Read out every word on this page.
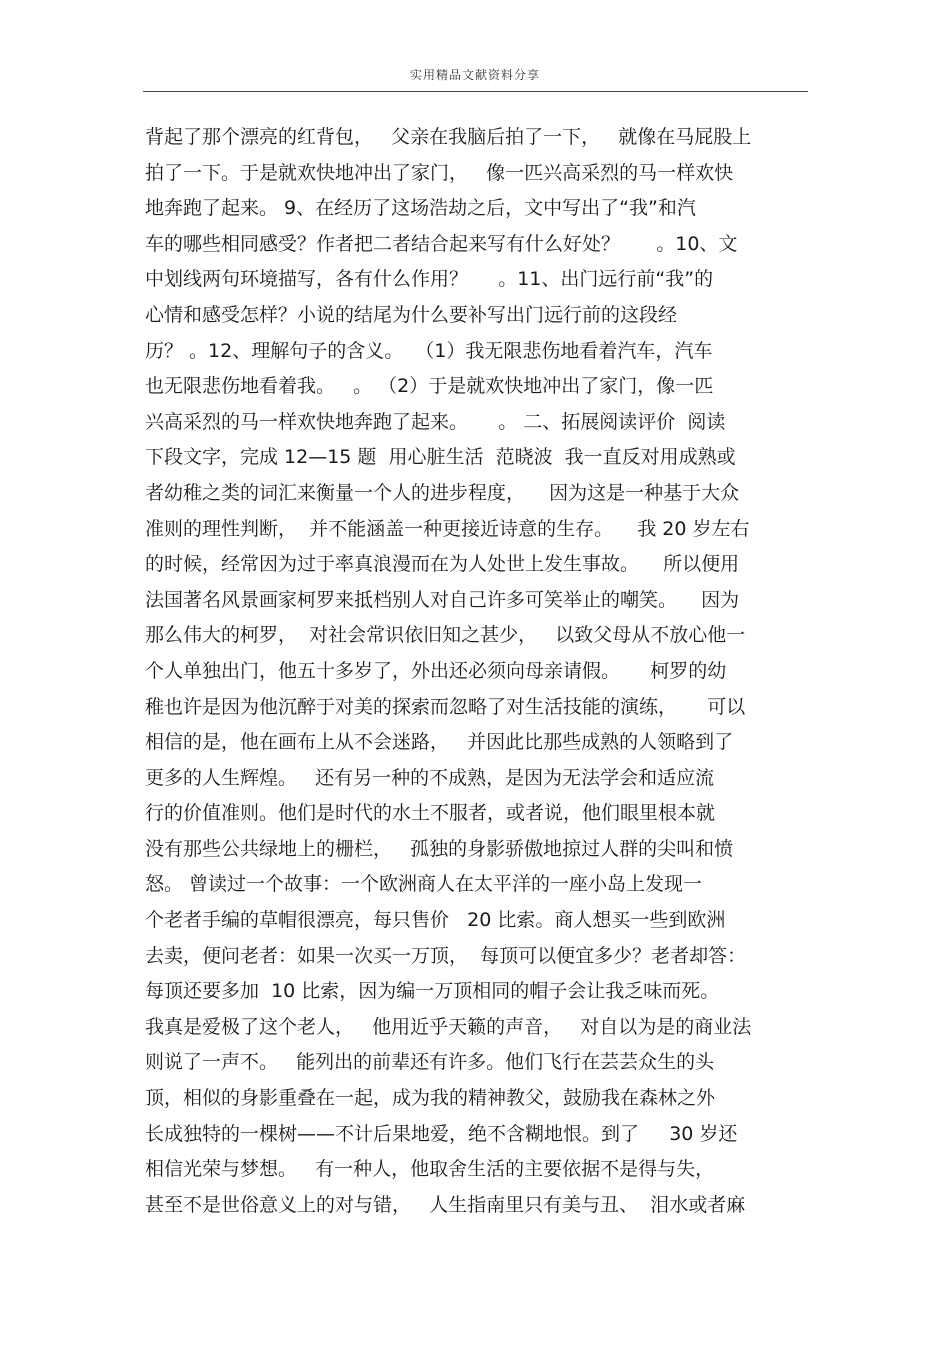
实用精品文献资料分享
背起了那个漂亮的红背包，   父亲在我脑后拍了一下，   就像在马屁股上
拍了一下。于是就欢快地冲出了家门，   像一匹兴高采烈的马一样欢快
地奔跑了起来。 9、在经历了这场浩劫之后，文中写出了“我”和汽
车的哪些相同感受？作者把二者结合起来写有什么好处？      。10、文
中划线两句环境描写，各有什么作用？     。11、出门远行前“我”的
心情和感受怎样？小说的结尾为什么要补写出门远行前的这段经
历？ 。12、理解句子的含义。  （1）我无限悲伤地看着汽车，汽车
也无限悲伤地看着我。   。 （2）于是就欢快地冲出了家门，像一匹
兴高采烈的马一样欢快地奔跑了起来。     。 二、拓展阅读评价  阅读
下段文字，完成 12—15 题  用心脏生活  范晓波  我一直反对用成熟或
者幼稚之类的词汇来衡量一个人的进步程度，    因为这是一种基于大众
准则的理性判断，  并不能涵盖一种更接近诗意的生存。    我 20 岁左右
的时候，经常因为过于率真浪漫而在为人处世上发生事故。    所以便用
法国著名风景画家柯罗来抵档别人对自己许多可笑举止的嘲笑。    因为
那么伟大的柯罗，  对社会常识依旧知之甚少，   以致父母从不放心他一
个人单独出门，他五十多岁了，外出还必须向母亲请假。     柯罗的幼
稚也许是因为他沉醉于对美的探索而忽略了对生活技能的演练，     可以
相信的是，他在画布上从不会迷路，   并因此比那些成熟的人领略到了
更多的人生辉煌。   还有另一种的不成熟，是因为无法学会和适应流
行的价值准则。他们是时代的水土不服者，或者说，他们眼里根本就
没有那些公共绿地上的栅栏，   孤独的身影骄傲地掠过人群的尖叫和愤
怒。 曾读过一个故事：一个欧洲商人在太平洋的一座小岛上发现一
个老者手编的草帽很漂亮，每只售价   20 比索。商人想买一些到欧洲
去卖，便问老者：如果一次买一万顶，  每顶可以便宜多少？老者却答：
每顶还要多加  10 比索，因为编一万顶相同的帽子会让我乏味而死。
我真是爱极了这个老人，   他用近乎天籁的声音，   对自以为是的商业法
则说了一声不。   能列出的前辈还有许多。他们飞行在芸芸众生的头
顶，相似的身影重叠在一起，成为我的精神教父，鼓励我在森林之外
长成独特的一棵树——不计后果地爱，绝不含糊地恨。到了     30 岁还
相信光荣与梦想。   有一种人，他取舍生活的主要依据不是得与失，
甚至不是世俗意义上的对与错，   人生指南里只有美与丑、  泪水或者麻
